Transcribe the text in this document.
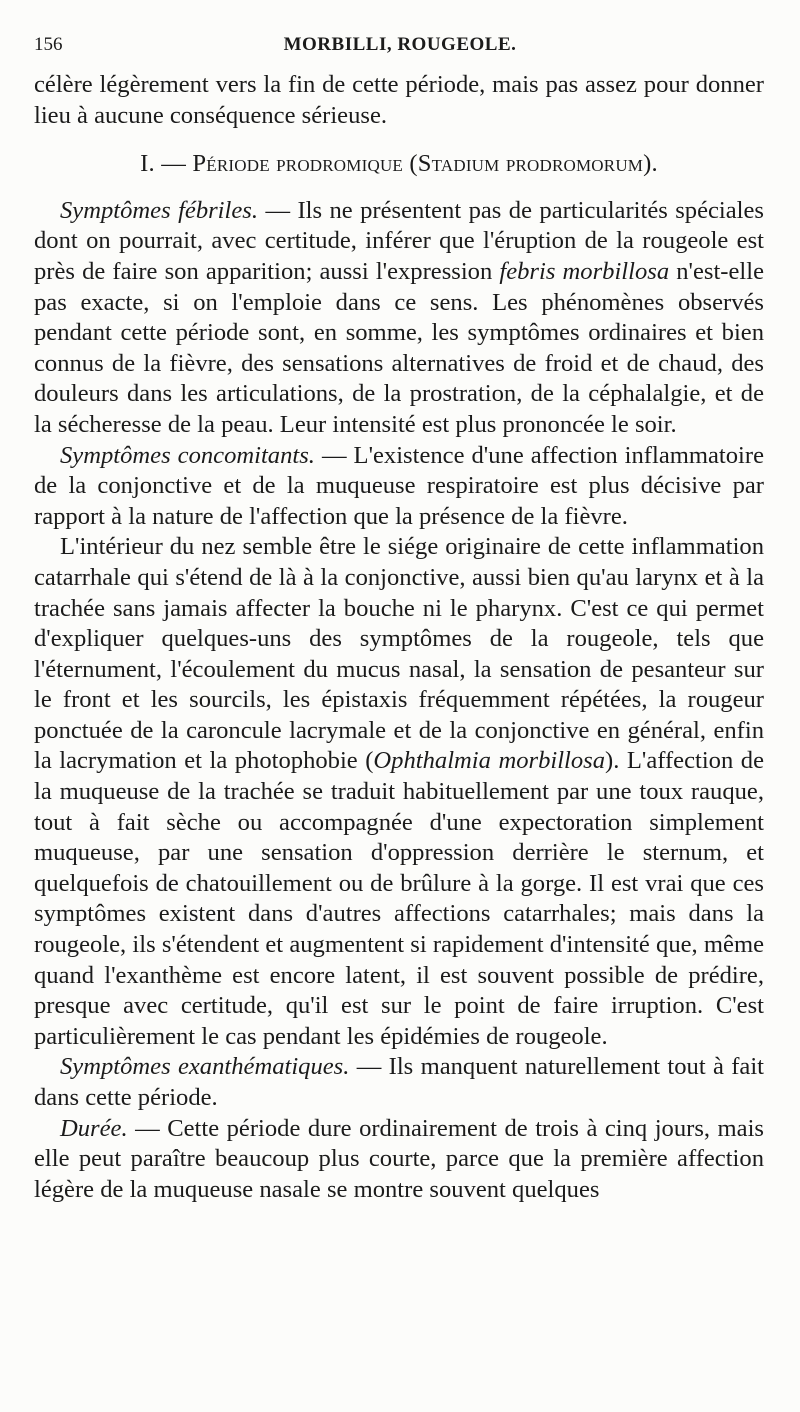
156	MORBILLI, ROUGEOLE.

célère légèrement vers la fin de cette période, mais pas assez pour donner lieu à aucune conséquence sérieuse.

I. — Période prodromique (Stadium prodromorum).

Symptômes fébriles. — Ils ne présentent pas de particularités spéciales dont on pourrait, avec certitude, inférer que l'éruption de la rougeole est près de faire son apparition; aussi l'expression febris morbillosa n'est-elle pas exacte, si on l'emploie dans ce sens. Les phénomènes observés pendant cette période sont, en somme, les symptômes ordinaires et bien connus de la fièvre, des sensations alternatives de froid et de chaud, des douleurs dans les articulations, de la prostration, de la céphalalgie, et de la sécheresse de la peau. Leur intensité est plus prononcée le soir.

Symptômes concomitants. — L'existence d'une affection inflammatoire de la conjonctive et de la muqueuse respiratoire est plus décisive par rapport à la nature de l'affection que la présence de la fièvre.

L'intérieur du nez semble être le siége originaire de cette inflammation catarrhale qui s'étend de là à la conjonctive, aussi bien qu'au larynx et à la trachée sans jamais affecter la bouche ni le pharynx. C'est ce qui permet d'expliquer quelques-uns des symptômes de la rougeole, tels que l'éternument, l'écoulement du mucus nasal, la sensation de pesanteur sur le front et les sourcils, les épistaxis fréquemment répétées, la rougeur ponctuée de la caroncule lacrymale et de la conjonctive en général, enfin la lacrymation et la photophobie (Ophthalmia morbillosa). L'affection de la muqueuse de la trachée se traduit habituellement par une toux rauque, tout à fait sèche ou accompagnée d'une expectoration simplement muqueuse, par une sensation d'oppression derrière le sternum, et quelquefois de chatouillement ou de brûlure à la gorge. Il est vrai que ces symptômes existent dans d'autres affections catarrhales; mais dans la rougeole, ils s'étendent et augmentent si rapidement d'intensité que, même quand l'exanthème est encore latent, il est souvent possible de prédire, presque avec certitude, qu'il est sur le point de faire irruption. C'est particulièrement le cas pendant les épidémies de rougeole.

Symptômes exanthématiques. — Ils manquent naturellement tout à fait dans cette période.

Durée. — Cette période dure ordinairement de trois à cinq jours, mais elle peut paraître beaucoup plus courte, parce que la première affection légère de la muqueuse nasale se montre souvent quelques
